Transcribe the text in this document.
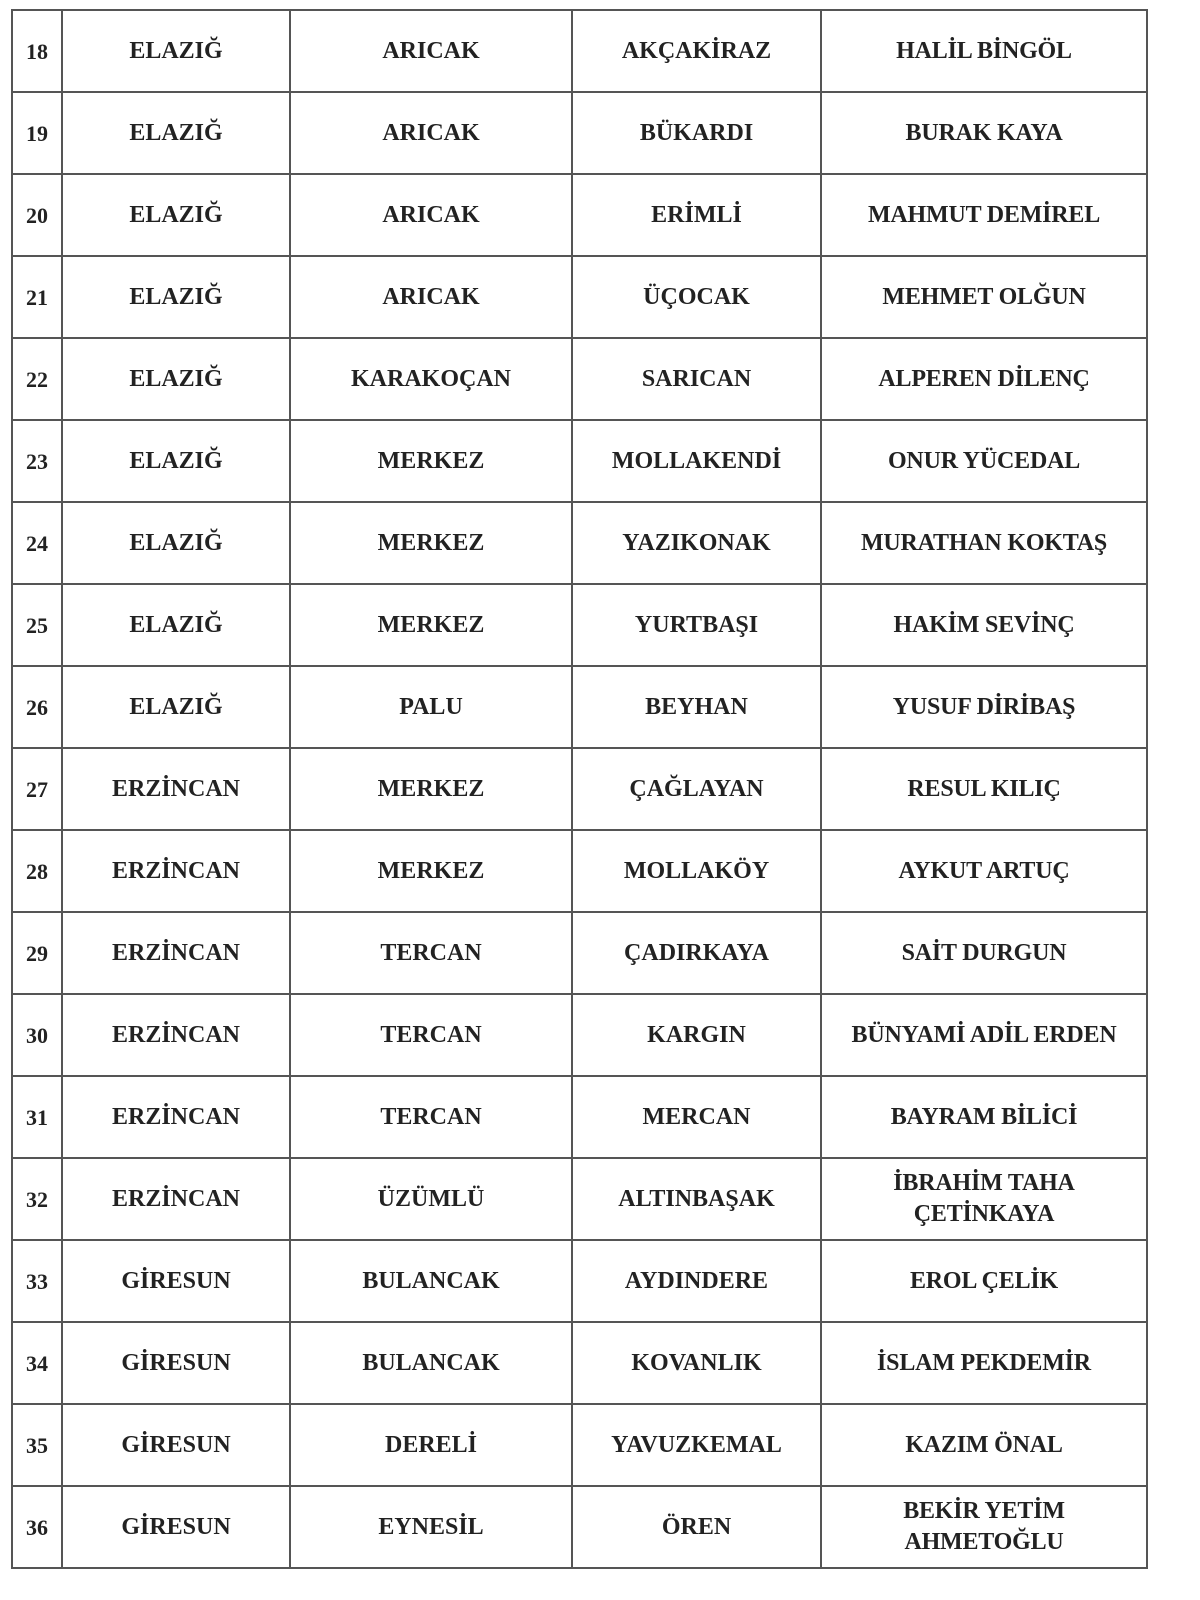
18	ELAZIĞ	ARICAK	AKÇAKİRAZ	HALİL BİNGÖL

19	ELAZIĞ	ARICAK	BÜKARDI	BURAK KAYA

20	ELAZIĞ	ARICAK	ERİMLİ	MAHMUT DEMİREL

21	ELAZIĞ	ARICAK	ÜÇOCAK	MEHMET OLĞUN

22	ELAZIĞ	KARAKOÇAN	SARICAN	ALPEREN DİLENÇ

23	ELAZIĞ	MERKEZ	MOLLAKENDİ	ONUR YÜCEDAL

24	ELAZIĞ	MERKEZ	YAZIKONAK	MURATHAN KOKTAŞ

25	ELAZIĞ	MERKEZ	YURTBAŞI	HAKİM SEVİNÇ

26	ELAZIĞ	PALU	BEYHAN	YUSUF DİRİBAŞ

27	ERZİNCAN	MERKEZ	ÇAĞLAYAN	RESUL KILIÇ

28	ERZİNCAN	MERKEZ	MOLLAKÖY	AYKUT ARTUÇ

29	ERZİNCAN	TERCAN	ÇADIRKAYA	SAİT DURGUN

30	ERZİNCAN	TERCAN	KARGIN	BÜNYAMİ ADİL ERDEN

31	ERZİNCAN	TERCAN	MERCAN	BAYRAM BİLİCİ

32	ERZİNCAN	ÜZÜMLÜ	ALTINBAŞAK	İBRAHİM TAHA
ÇETİNKAYA

33	GİRESUN	BULANCAK	AYDINDERE	EROL ÇELİK

34	GİRESUN	BULANCAK	KOVANLIK	İSLAM PEKDEMİR

35	GİRESUN	DERELİ	YAVUZKEMAL	KAZIM ÖNAL

36	GİRESUN	EYNESİL	ÖREN	BEKİR YETİM
AHMETOĞLU
